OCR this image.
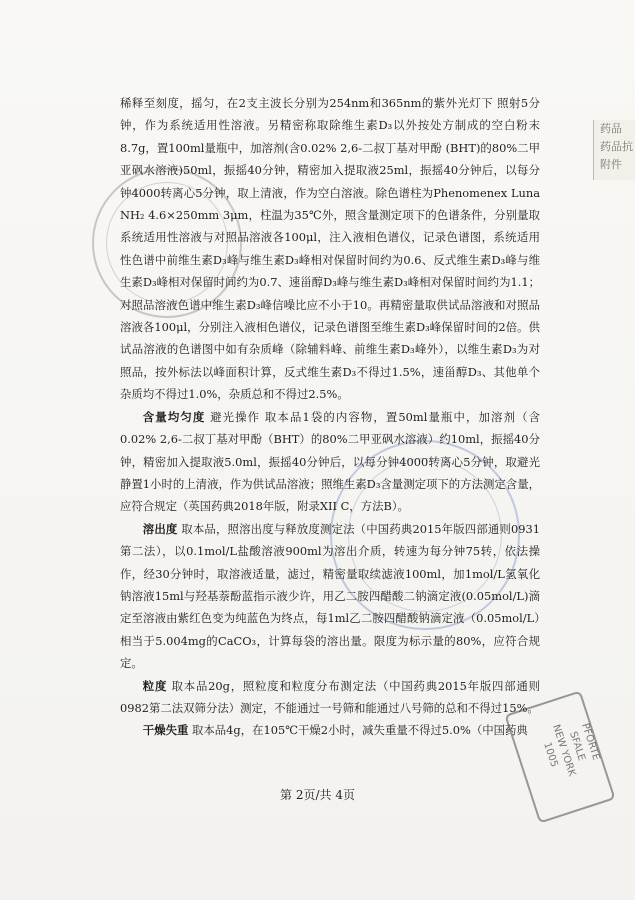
药品
药品抗
附件

稀释至刻度，摇匀，在2支主波长分别为254nm和365nm的紫外光灯下 照射5分钟，作为系统适用性溶液。另精密称取除维生素D₃以外按处方制成的空白粉末8.7g，置100ml量瓶中，加溶剂(含0.02% 2,6-二叔丁基对甲酚 (BHT)的80%二甲亚砜水溶液)50ml，振摇40分钟，精密加入提取液25ml，振摇40分钟后，以每分钟4000转离心5分钟，取上清液，作为空白溶液。除色谱柱为Phenomenex Luna NH₂ 4.6×250mm 3μm，柱温为35℃外，照含量测定项下的色谱条件，分别量取系统适用性溶液与对照品溶液各100μl，注入液相色谱仪，记录色谱图，系统适用性色谱中前维生素D₃峰与维生素D₃峰相对保留时间约为0.6、反式维生素D₃峰与维生素D₃峰相对保留时间约为0.7、速甾醇D₃峰与维生素D₃峰相对保留时间约为1.1；对照品溶液色谱中维生素D₃峰信噪比应不小于10。再精密量取供试品溶液和对照品溶液各100μl，分别注入液相色谱仪，记录色谱图至维生素D₃峰保留时间的2倍。供试品溶液的色谱图中如有杂质峰（除辅料峰、前维生素D₃峰外），以维生素D₃为对照品，按外标法以峰面积计算，反式维生素D₃不得过1.5%，速甾醇D₃、其他单个杂质均不得过1.0%，杂质总和不得过2.5%。

含量均匀度 避光操作 取本品1袋的内容物，置50ml量瓶中，加溶剂（含0.02% 2,6-二叔丁基对甲酚（BHT）的80%二甲亚砜水溶液）约10ml，振摇40分钟，精密加入提取液5.0ml，振摇40分钟后，以每分钟4000转离心5分钟，取避光静置1小时的上清液，作为供试品溶液；照维生素D₃含量测定项下的方法测定含量，应符合规定（英国药典2018年版，附录XII C，方法B）。

溶出度 取本品，照溶出度与释放度测定法（中国药典2015年版四部通则0931第二法），以0.1mol/L盐酸溶液900ml为溶出介质，转速为每分钟75转，依法操作，经30分钟时，取溶液适量，滤过，精密量取续滤液100ml，加1mol/L氢氧化钠溶液15ml与羟基萘酚蓝指示液少许，用乙二胺四醋酸二钠滴定液(0.05mol/L)滴定至溶液由紫红色变为纯蓝色为终点，每1ml乙二胺四醋酸钠滴定液（0.05mol/L）相当于5.004mg的CaCO₃，计算每袋的溶出量。限度为标示量的80%，应符合规定。

粒度 取本品20g，照粒度和粒度分布测定法（中国药典2015年版四部通则0982第二法双筛分法）测定，不能通过一号筛和能通过八号筛的总和不得过15%。

干燥失重 取本品4g，在105℃干燥2小时，减失重量不得过5.0%（中国药典	PFORTE
SFALE
NEW YORK
1005
第 2页/共 4页
